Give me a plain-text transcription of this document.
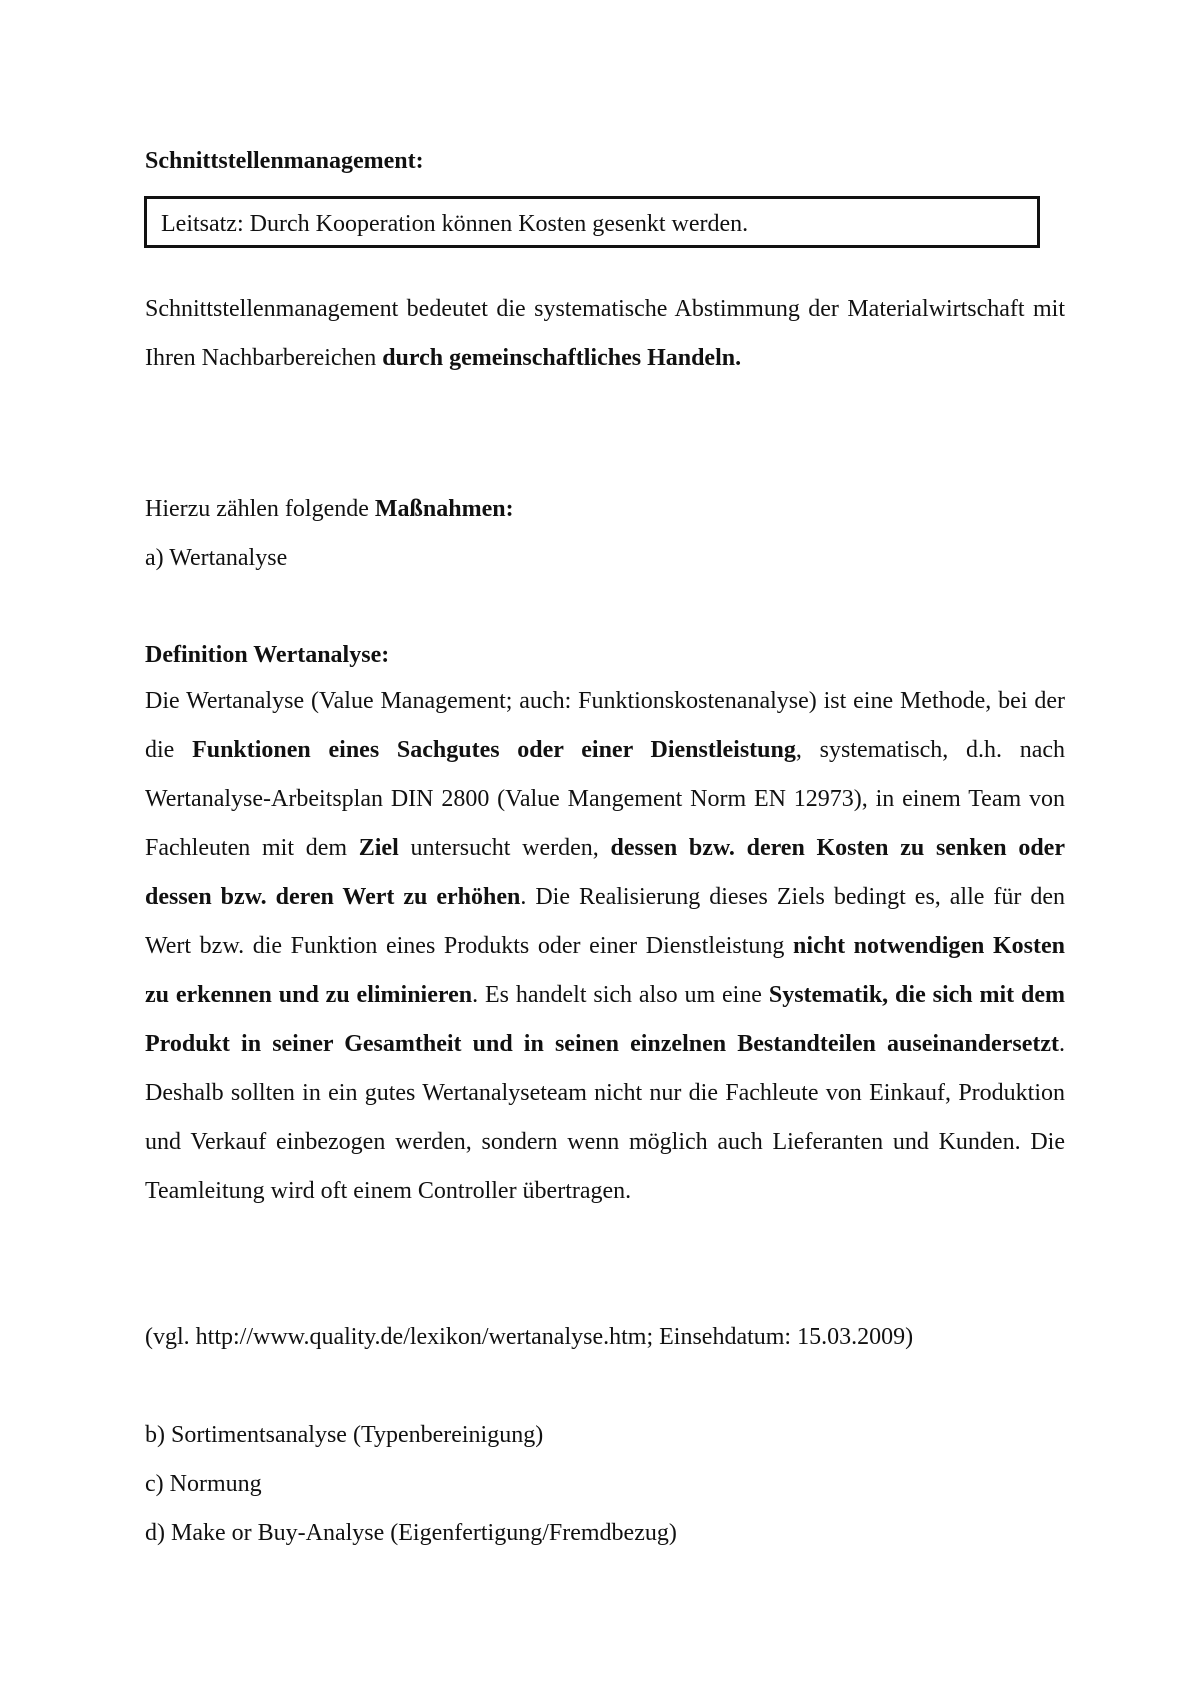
Schnittstellenmanagement:
Leitsatz: Durch Kooperation können Kosten gesenkt werden.

Schnittstellenmanagement bedeutet die systematische Abstimmung der Materialwirtschaft mit Ihren Nachbarbereichen durch gemeinschaftliches Handeln.

Hierzu zählen folgende Maßnahmen:

a) Wertanalyse

Definition Wertanalyse:

Die Wertanalyse (Value Management; auch: Funktionskostenanalyse) ist eine Methode, bei der die Funktionen eines Sachgutes oder einer Dienstleistung, systematisch, d.h. nach Wertanalyse-Arbeitsplan DIN 2800 (Value Mangement Norm EN 12973), in einem Team von Fachleuten mit dem Ziel untersucht werden, dessen bzw. deren Kosten zu senken oder dessen bzw. deren Wert zu erhöhen. Die Realisierung dieses Ziels bedingt es, alle für den Wert bzw. die Funktion eines Produkts oder einer Dienstleistung nicht notwendigen Kosten zu erkennen und zu eliminieren. Es handelt sich also um eine Systematik, die sich mit dem Produkt in seiner Gesamtheit und in seinen einzelnen Bestandteilen auseinandersetzt. Deshalb sollten in ein gutes Wertanalyseteam nicht nur die Fachleute von Einkauf, Produktion und Verkauf einbezogen werden, sondern wenn möglich auch Lieferanten und Kunden. Die Teamleitung wird oft einem Controller übertragen.

(vgl. http://www.quality.de/lexikon/wertanalyse.htm; Einsehdatum: 15.03.2009)

b) Sortimentsanalyse (Typenbereinigung)

c) Normung

d) Make or Buy-Analyse (Eigenfertigung/Fremdbezug)
